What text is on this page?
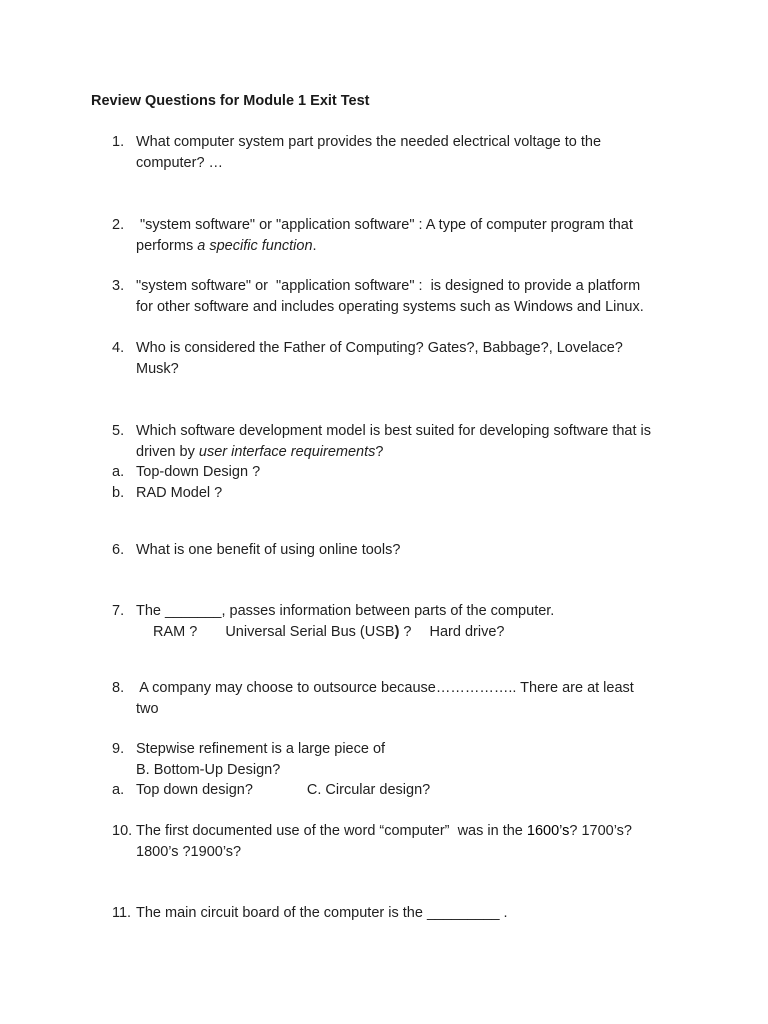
Review Questions for Module 1 Exit Test
1. What computer system part provides the needed electrical voltage to the
computer? …
2. "system software" or "application software" : A type of computer program that
performs a specific function.
3. "system software" or  "application software" :  is designed to provide a platform
for other software and includes operating systems such as Windows and Linux.
4. Who is considered the Father of Computing? Gates?, Babbage?, Lovelace?
Musk?
5. Which software development model is best suited for developing software that is
driven by user interface requirements?
a. Top-down Design ?
b. RAD Model ?
6. What is one benefit of using online tools?
7. The _______, passes information between parts of the computer.
RAM ? Universal Serial Bus (USB) ? Hard drive?
8. A company may choose to outsource because…………….. There are at least
two
9. Stepwise refinement is a large piece of
B. Bottom-Up Design?
a. Top down design?	C. Circular design?
10. The first documented use of the word “computer”  was in the 1600’s? 1700’s?
1800’s ?1900’s?
11. The main circuit board of the computer is the _________ .
